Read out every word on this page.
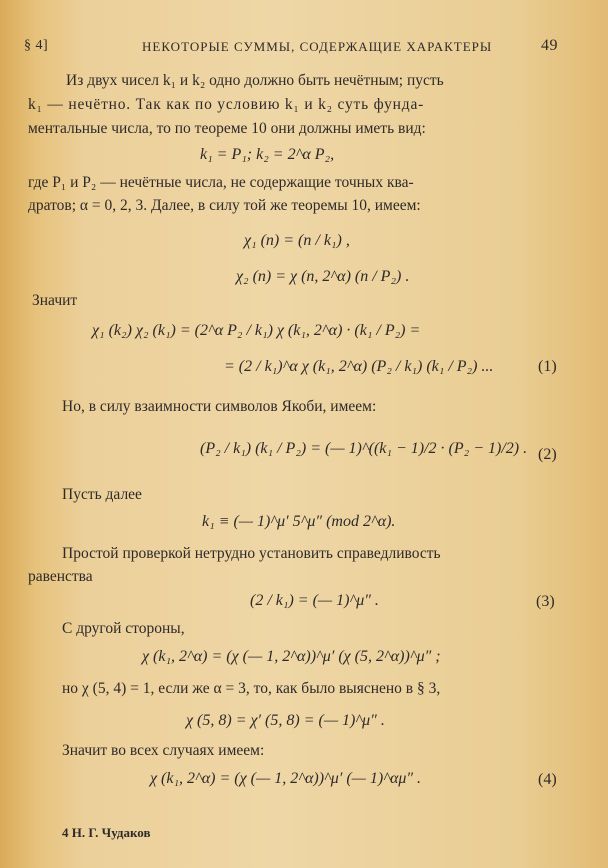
§ 4]	НЕКОТОРЫЕ СУММЫ, СОДЕРЖАЩИЕ ХАРАКТЕРЫ	49
Из двух чисел k₁ и k₂ одно должно быть нечётным; пусть
k₁ — нечётно. Так как по условию k₁ и k₂ суть фунда-
ментальные числа, то по теореме 10 они должны иметь вид:
k₁ = P₁; k₂ = 2^α P₂,
где P₁ и P₂ — нечётные числа, не содержащие точных ква-
дратов; α = 0, 2, 3. Далее, в силу той же теоремы 10, имеем:
χ₁ (n) = (n / k₁) ,
χ₂ (n) = χ (n, 2^α) (n / P₂) .
Значит
χ₁ (k₂) χ₂ (k₁) = (2^α P₂ / k₁) χ (k₁, 2^α) · (k₁ / P₂) =
= (2 / k₁)^α χ (k₁, 2^α) (P₂ / k₁) (k₁ / P₂) ...	(1)
Но, в силу взаимности символов Якоби, имеем:
(P₂ / k₁) (k₁ / P₂) = (— 1)^((k₁ − 1)/2 · (P₂ − 1)/2) . (2)
Пусть далее
k₁ ≡ (— 1)^μ′ 5^μ″ (mod 2^α).
Простой проверкой нетрудно установить справедливость
равенства
(2 / k₁) = (— 1)^μ″ .	(3)
С другой стороны,
χ (k₁, 2^α) = (χ (— 1, 2^α))^μ′ (χ (5, 2^α))^μ″ ;
но χ (5, 4) = 1, если же α = 3, то, как было выяснено в § 3,
χ (5, 8) = χ′ (5, 8) = (— 1)^μ″ .
Значит во всех случаях имеем:
χ (k₁, 2^α) = (χ (— 1, 2^α))^μ′ (— 1)^αμ″ .	(4)
4 Н. Г. Чудаков
